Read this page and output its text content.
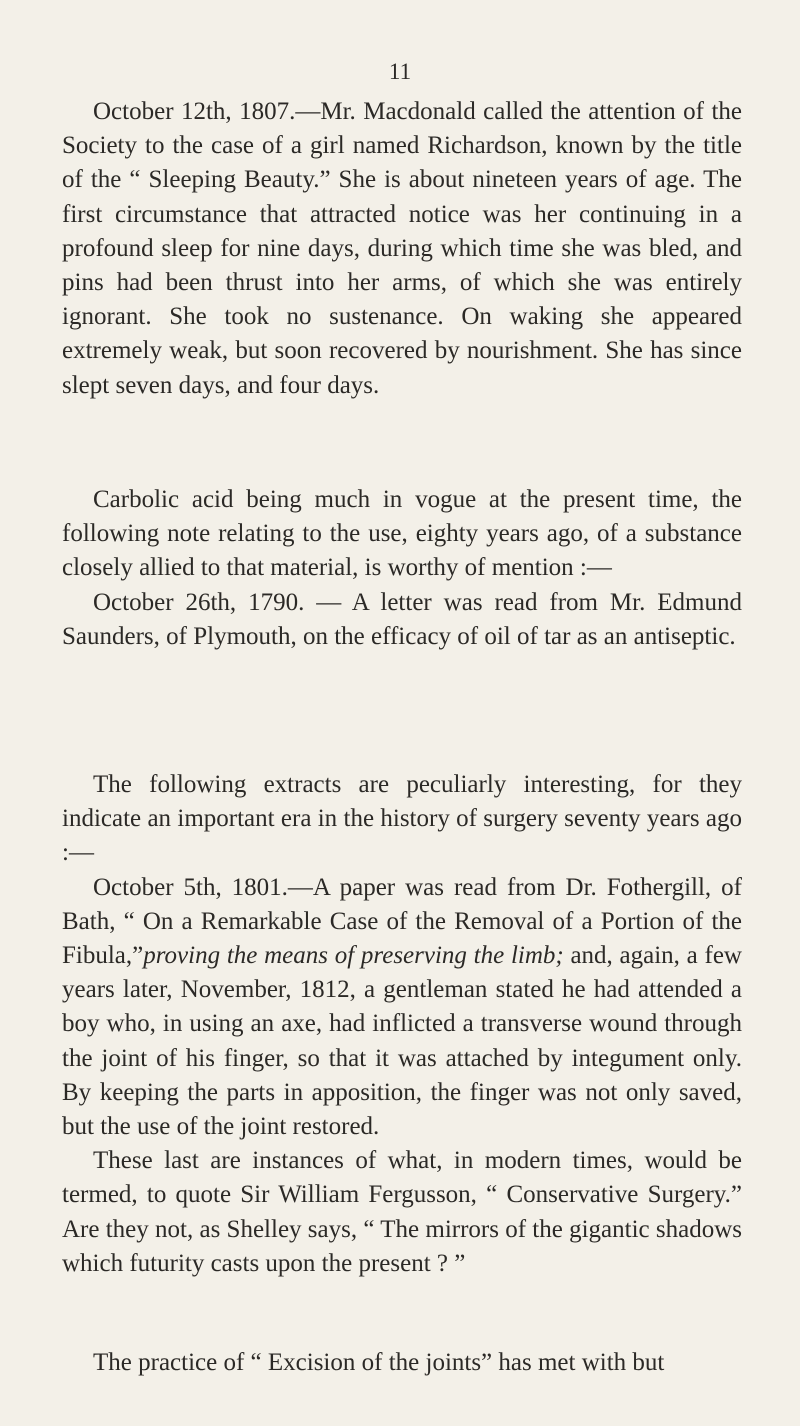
11

October 12th, 1807.—Mr. Macdonald called the attention of the Society to the case of a girl named Richardson, known by the title of the “ Sleeping Beauty.” She is about nineteen years of age. The first circumstance that attracted notice was her continuing in a profound sleep for nine days, during which time she was bled, and pins had been thrust into her arms, of which she was entirely ignorant. She took no sustenance. On waking she appeared extremely weak, but soon recovered by nourishment. She has since slept seven days, and four days.

Carbolic acid being much in vogue at the present time, the following note relating to the use, eighty years ago, of a substance closely allied to that material, is worthy of mention :—

October 26th, 1790. — A letter was read from Mr. Edmund Saunders, of Plymouth, on the efficacy of oil of tar as an antiseptic.

The following extracts are peculiarly interesting, for they indicate an important era in the history of surgery seventy years ago :—

October 5th, 1801.—A paper was read from Dr. Fothergill, of Bath, “ On a Remarkable Case of the Removal of a Portion of the Fibula,”proving the means of preserving the limb; and, again, a few years later, November, 1812, a gentleman stated he had attended a boy who, in using an axe, had inflicted a transverse wound through the joint of his finger, so that it was attached by integument only. By keeping the parts in apposition, the finger was not only saved, but the use of the joint restored.

These last are instances of what, in modern times, would be termed, to quote Sir William Fergusson, “ Conservative Surgery.” Are they not, as Shelley says, “ The mirrors of the gigantic shadows which futurity casts upon the present ? ”

The practice of “ Excision of the joints” has met with but
